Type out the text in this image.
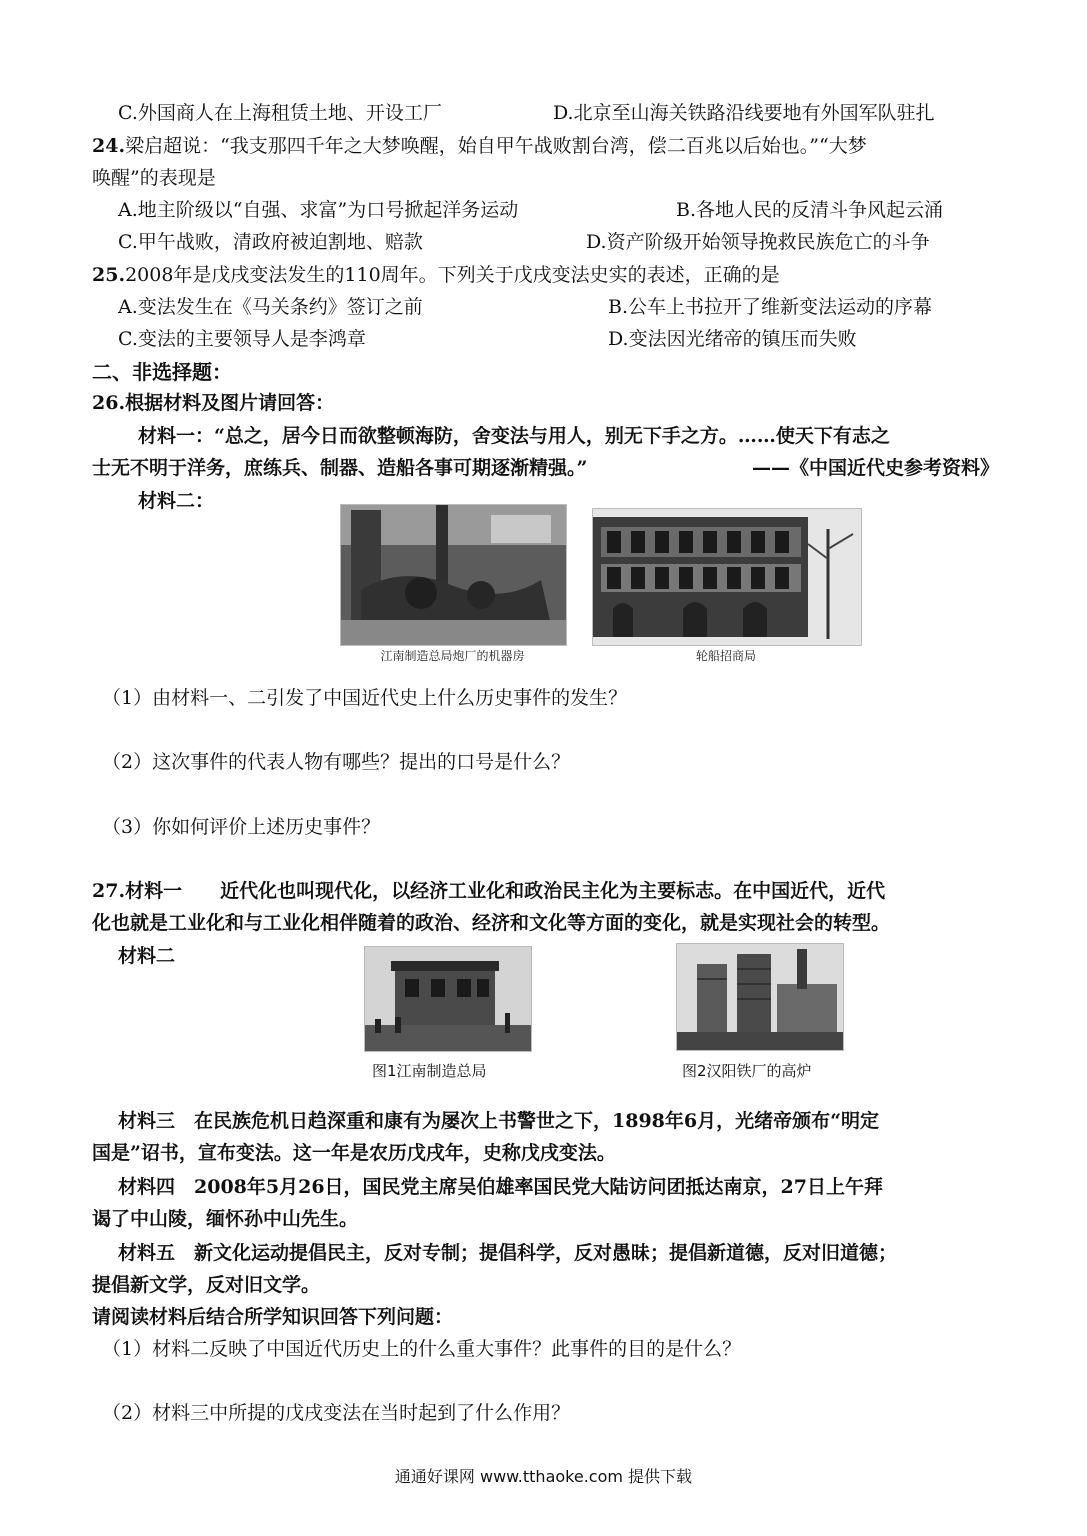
C.外国商人在上海租赁土地、开设工厂	D.北京至山海关铁路沿线要地有外国军队驻扎
24.梁启超说：“我支那四千年之大梦唤醒，始自甲午战败割台湾，偿二百兆以后始也。”“大梦
唤醒”的表现是
A.地主阶级以“自强、求富”为口号掀起洋务运动	B.各地人民的反清斗争风起云涌
C.甲午战败，清政府被迫割地、赔款	D.资产阶级开始领导挽救民族危亡的斗争
25.2008年是戊戌变法发生的110周年。下列关于戊戌变法史实的表述，正确的是
A.变法发生在《马关条约》签订之前	B.公车上书拉开了维新变法运动的序幕
C.变法的主要领导人是李鸿章	D.变法因光绪帝的镇压而失败
二、非选择题：
26.根据材料及图片请回答：
材料一：“总之，居今日而欲整顿海防，舍变法与用人，别无下手之方。……使天下有志之
士无不明于洋务，庶练兵、制器、造船各事可期逐渐精强。”	——《中国近代史参考资料》
材料二：
江南制造总局炮厂的机器房	轮船招商局
（1）由材料一、二引发了中国近代史上什么历史事件的发生？
（2）这次事件的代表人物有哪些？提出的口号是什么？
（3）你如何评价上述历史事件？
27.材料一　　近代化也叫现代化，以经济工业化和政治民主化为主要标志。在中国近代，近代
化也就是工业化和与工业化相伴随着的政治、经济和文化等方面的变化，就是实现社会的转型。
材料二
图1江南制造总局	图2汉阳铁厂的高炉
材料三　在民族危机日趋深重和康有为屡次上书警世之下，1898年6月，光绪帝颁布“明定
国是”诏书，宣布变法。这一年是农历戊戌年，史称戊戌变法。
材料四　2008年5月26日，国民党主席吴伯雄率国民党大陆访问团抵达南京，27日上午拜
谒了中山陵，缅怀孙中山先生。
材料五　新文化运动提倡民主，反对专制；提倡科学，反对愚昧；提倡新道德，反对旧道德；
提倡新文学，反对旧文学。
请阅读材料后结合所学知识回答下列问题：
（1）材料二反映了中国近代历史上的什么重大事件？此事件的目的是什么？
（2）材料三中所提的戊戌变法在当时起到了什么作用？
通通好课网 www.tthaoke.com 提供下载
